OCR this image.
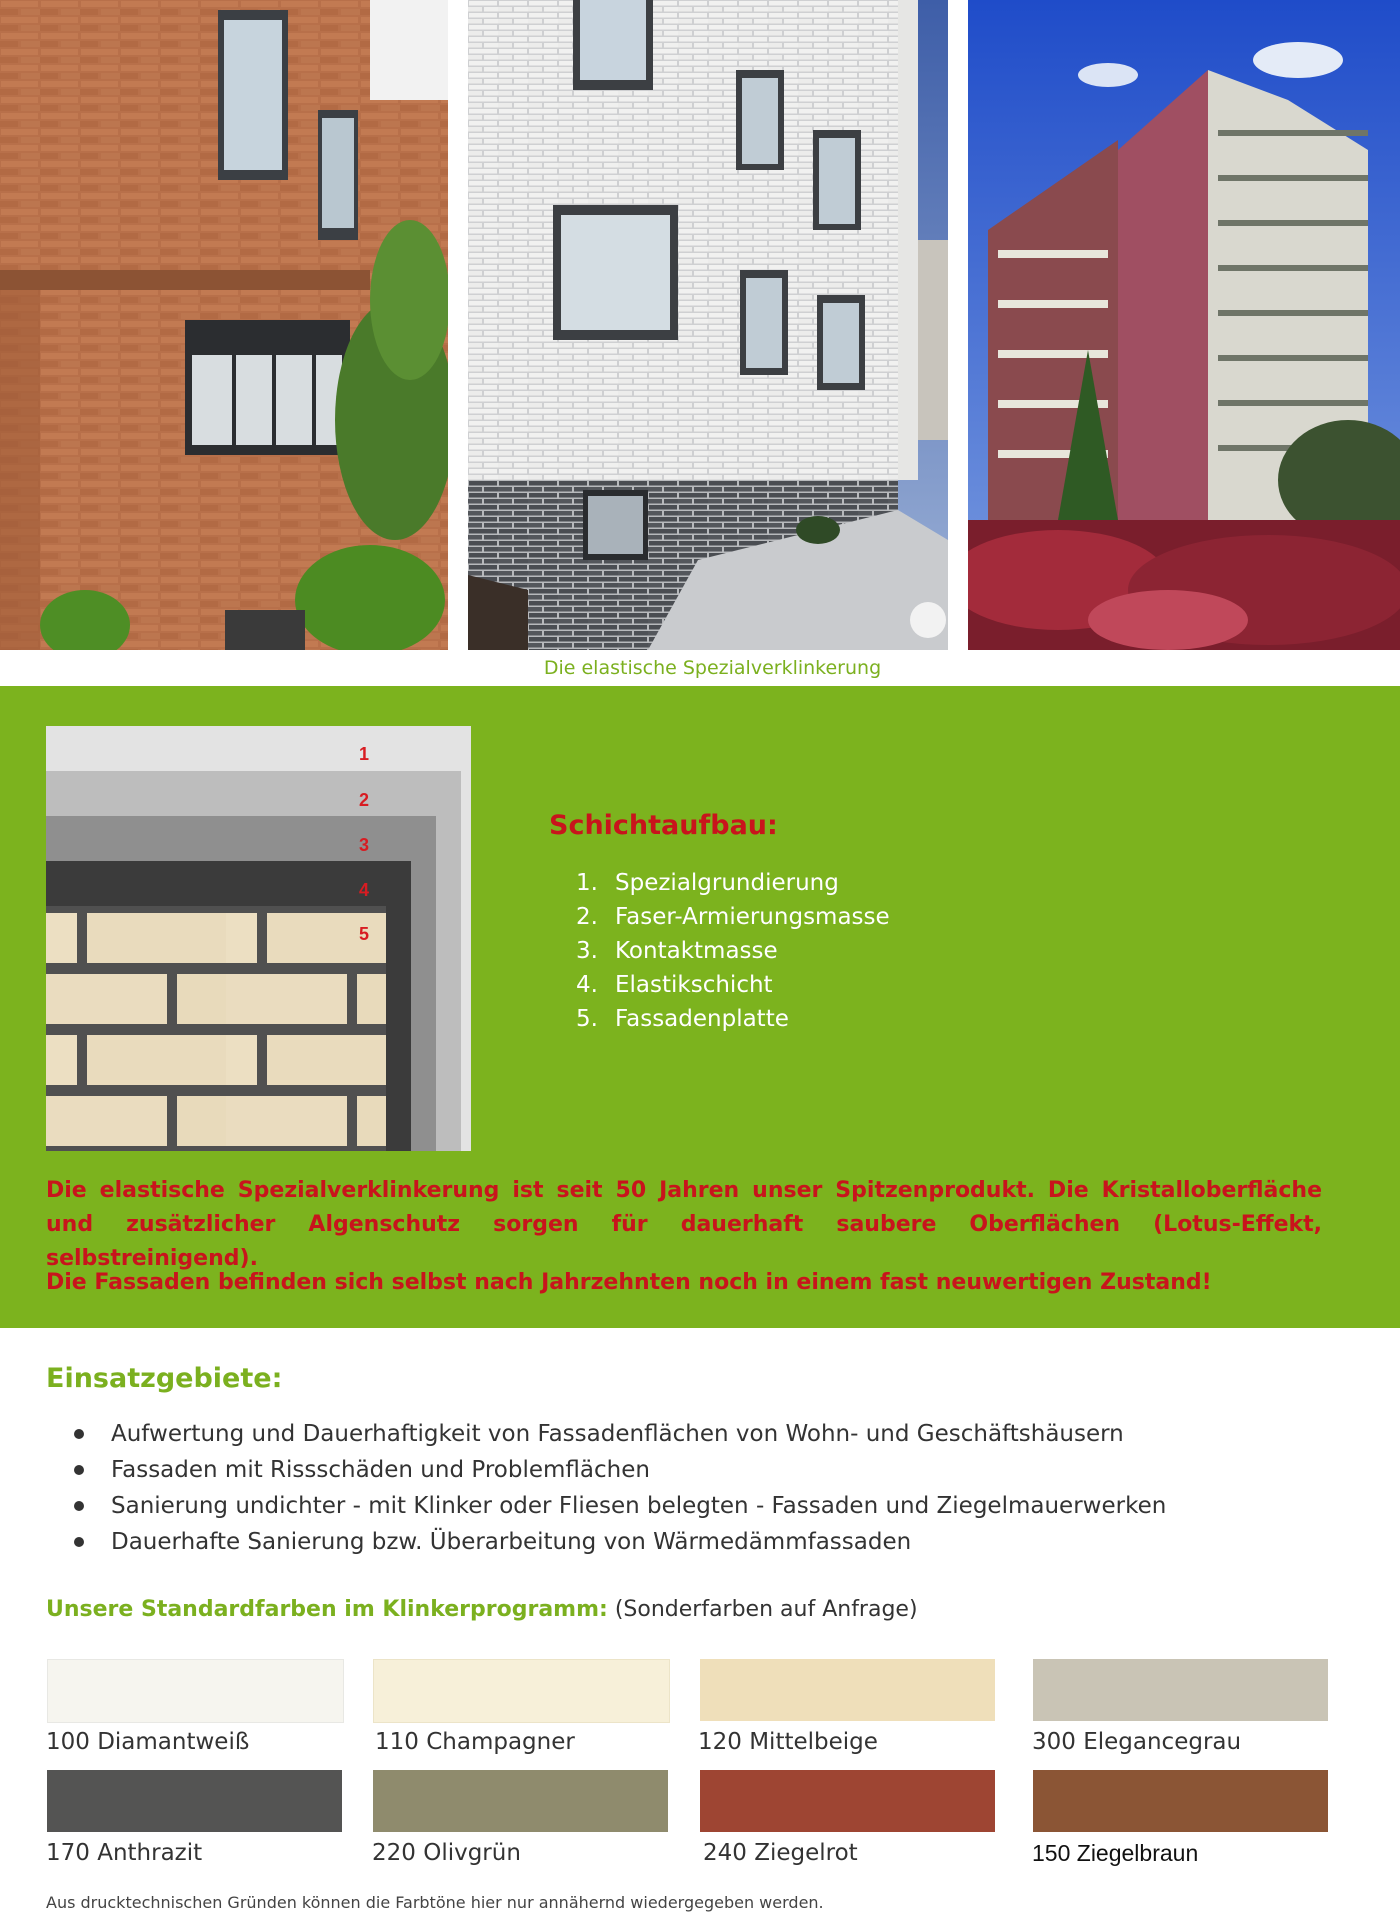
Die elastische Spezialverklinkerung
1
2
3
4
5
Schichtaufbau:
1. Spezialgrundierung
2. Faser-Armierungsmasse
3. Kontaktmasse
4. Elastikschicht
5. Fassadenplatte

Die elastische Spezialverklinkerung ist seit 50 Jahren unser Spitzenprodukt. Die Kristalloberfläche und zusätzlicher Algenschutz sorgen für dauerhaft saubere Oberflächen (Lotus-Effekt, selbstreinigend).

Die Fassaden befinden sich selbst nach Jahrzehnten noch in einem fast neuwertigen Zustand!

Einsatzgebiete:
Aufwertung und Dauerhaftigkeit von Fassadenflächen von Wohn- und Geschäftshäusern
Fassaden mit Rissschäden und Problemflächen
Sanierung undichter - mit Klinker oder Fliesen belegten - Fassaden und Ziegelmauerwerken
Dauerhafte Sanierung bzw. Überarbeitung von Wärmedämmfassaden
Unsere Standardfarben im Klinkerprogramm: (Sonderfarben auf Anfrage)
100 Diamantweiß	110 Champagner	120 Mittelbeige	300 Elegancegrau
170 Anthrazit	220 Olivgrün	240 Ziegelrot	150 Ziegelbraun
Aus drucktechnischen Gründen können die Farbtöne hier nur annähernd wiedergegeben werden.
